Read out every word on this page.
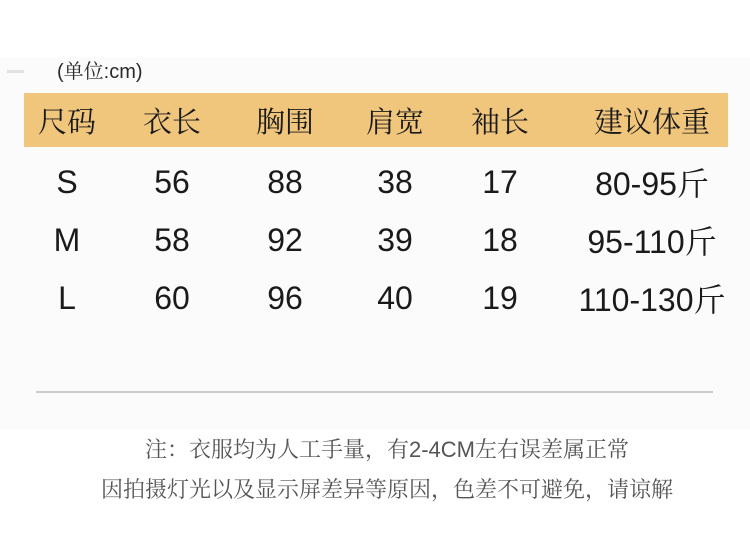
(单位:cm)
尺码	衣长	胸围	肩宽	袖长	建议体重
S	56	88	38	17	80-95斤
M	58	92	39	18	95-110斤
L	60	96	40	19	110-130斤
注：衣服均为人工手量，有2-4CM左右误差属正常
因拍摄灯光以及显示屏差异等原因，色差不可避免，请谅解
